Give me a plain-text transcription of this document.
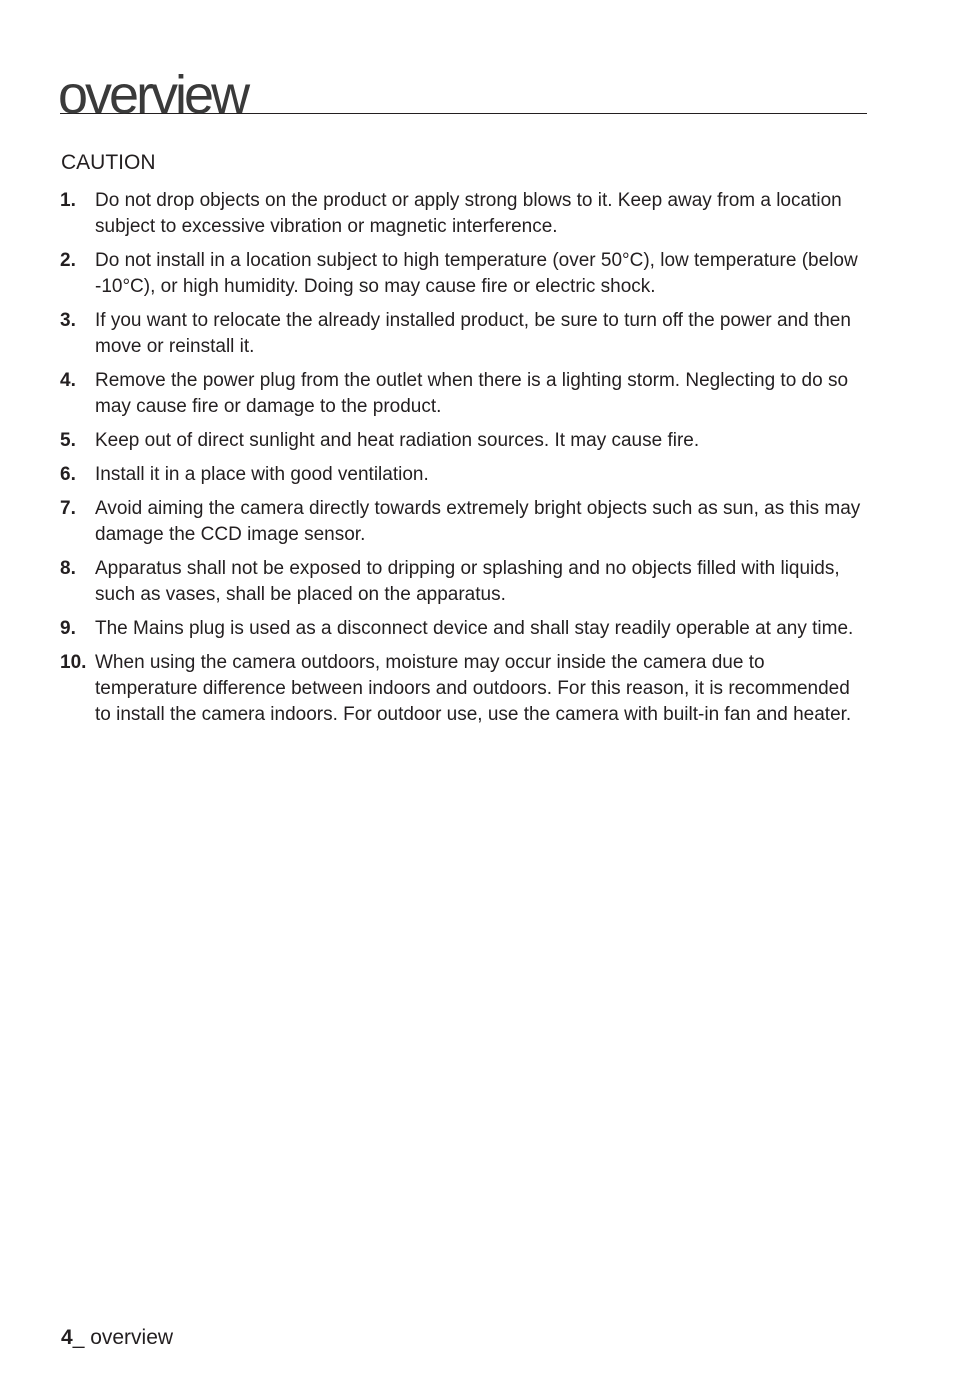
overview
CAUTION
1. Do not drop objects on the product or apply strong blows to it. Keep away from a location subject to excessive vibration or magnetic interference.
2. Do not install in a location subject to high temperature (over 50°C), low temperature (below -10°C), or high humidity. Doing so may cause fire or electric shock.
3. If you want to relocate the already installed product, be sure to turn off the power and then move or reinstall it.
4. Remove the power plug from the outlet when there is a lighting storm. Neglecting to do so may cause fire or damage to the product.
5. Keep out of direct sunlight and heat radiation sources. It may cause fire.
6. Install it in a place with good ventilation.
7. Avoid aiming the camera directly towards extremely bright objects such as sun, as this may damage the CCD image sensor.
8. Apparatus shall not be exposed to dripping or splashing and no objects filled with liquids, such as vases, shall be placed on the apparatus.
9. The Mains plug is used as a disconnect device and shall stay readily operable at any time.
10. When using the camera outdoors, moisture may occur inside the camera due to temperature difference between indoors and outdoors. For this reason, it is recommended to install the camera indoors. For outdoor use, use the camera with built-in fan and heater.
4_ overview
